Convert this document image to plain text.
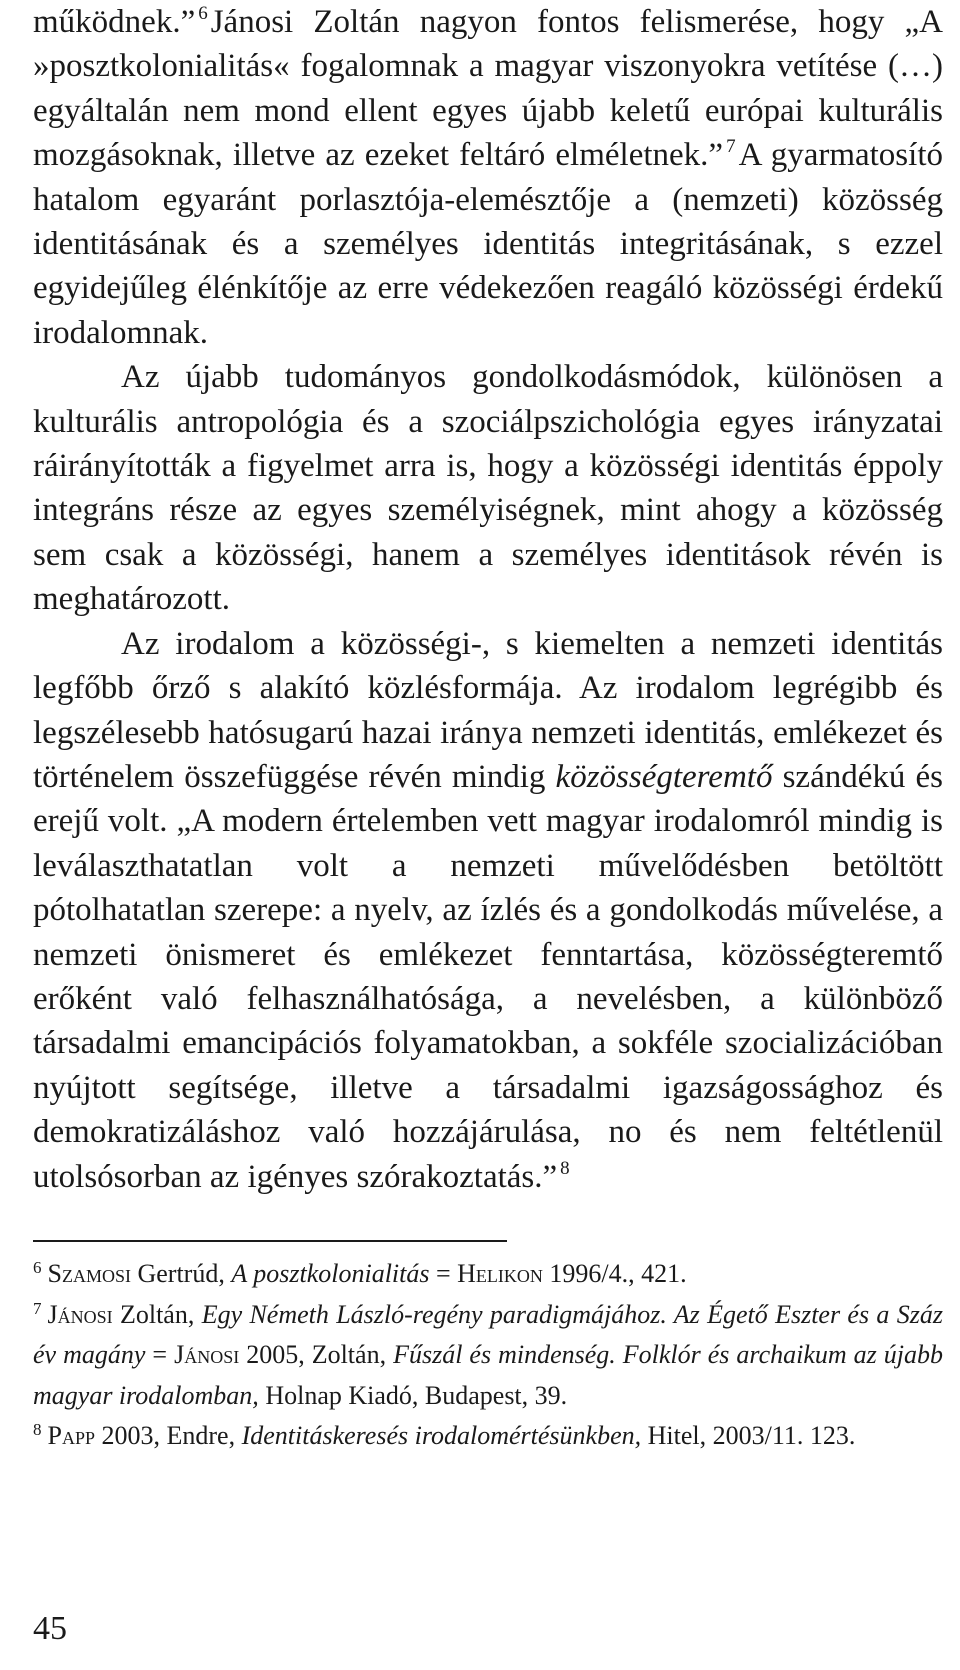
működnek.” $^6$Jánosi Zoltán nagyon fontos felismerése, hogy „A »posztkolonialitás« fogalomnak a magyar viszonyokra vetítése (…) egyáltalán nem mond ellent egyes újabb keletű európai kulturális mozgásoknak, illetve az ezeket feltáró elméletnek.” $^7$A gyarmatosító hatalom egyaránt porlasztója-elemésztője a (nemzeti) közösség identitásának és a személyes identitás integritásának, s ezzel egyidejűleg élénkítője az erre védekezően reagáló közösségi érdekű irodalomnak.

Az újabb tudományos gondolkodásmódok, különösen a kulturális antropológia és a szociálpszichológia egyes irányzatai ráirányították a figyelmet arra is, hogy a közösségi identitás éppoly integráns része az egyes személyiségnek, mint ahogy a közösség sem csak a közösségi, hanem a személyes identitások révén is meghatározott.

Az irodalom a közösségi-, s kiemelten a nemzeti identitás legfőbb őrző s alakító közlésformája. Az irodalom legrégibb és legszélesebb hatósugarú hazai iránya nemzeti identitás, emlékezet és történelem összefüggése révén mindig közösségteremtő szándékú és erejű volt. „A modern értelemben vett magyar irodalomról mindig is leválaszthatatlan volt a nemzeti művelődésben betöltött pótolhatatlan szerepe: a nyelv, az ízlés és a gondolkodás művelése, a nemzeti önismeret és emlékezet fenntartása, közösségteremtő erőként való felhasználhatósága, a nevelésben, a különböző társadalmi emancipációs folyamatokban, a sokféle szocializációban nyújtott segítsége, illetve a társadalmi igazságossághoz és demokratizáláshoz való hozzájárulása, no és nem feltétlenül utolsósorban az igényes szórakoztatás.” $^8$

$^6$ Szamosi Gertrúd, A posztkolonialitás = Helikon 1996/4., 421.

$^7$ Jánosi Zoltán, Egy Németh László-regény paradigmájához. Az Égető Eszter és a Száz év magány = Jánosi 2005, Zoltán, Fűszál és mindenség. Folklór és archaikum az újabb magyar irodalomban, Holnap Kiadó, Budapest, 39.

$^8$ Papp 2003, Endre, Identitáskeresés irodalomértésünkben, Hitel, 2003/11. 123.

45
